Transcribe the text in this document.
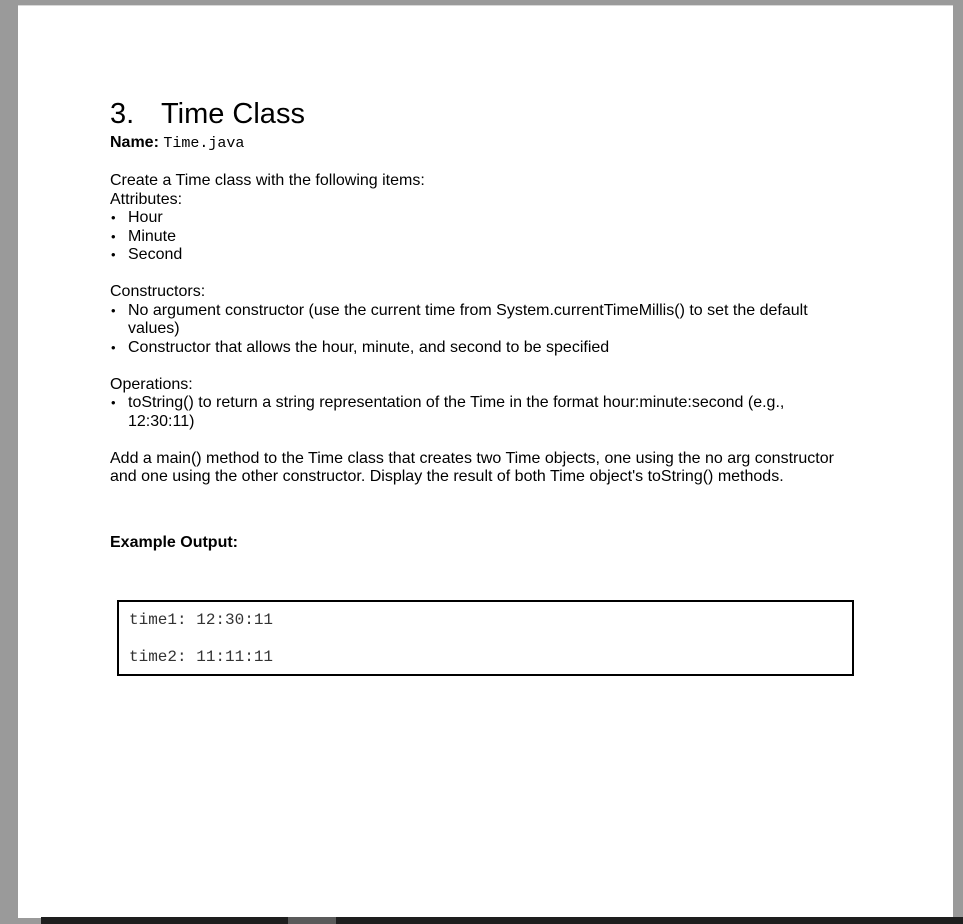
3. Time Class
Name: Time.java

Create a Time class with the following items:

Attributes:

• Hour
• Minute
• Second

Constructors:

• No argument constructor (use the current time from System.currentTimeMillis() to set the default values)
• Constructor that allows the hour, minute, and second to be specified

Operations:

• toString() to return a string representation of the Time in the format hour:minute:second (e.g., 12:30:11)

Add a main() method to the Time class that creates two Time objects, one using the no arg constructor and one using the other constructor. Display the result of both Time object's toString() methods.

Example Output:
time1: 12:30:11
time2: 11:11:11
